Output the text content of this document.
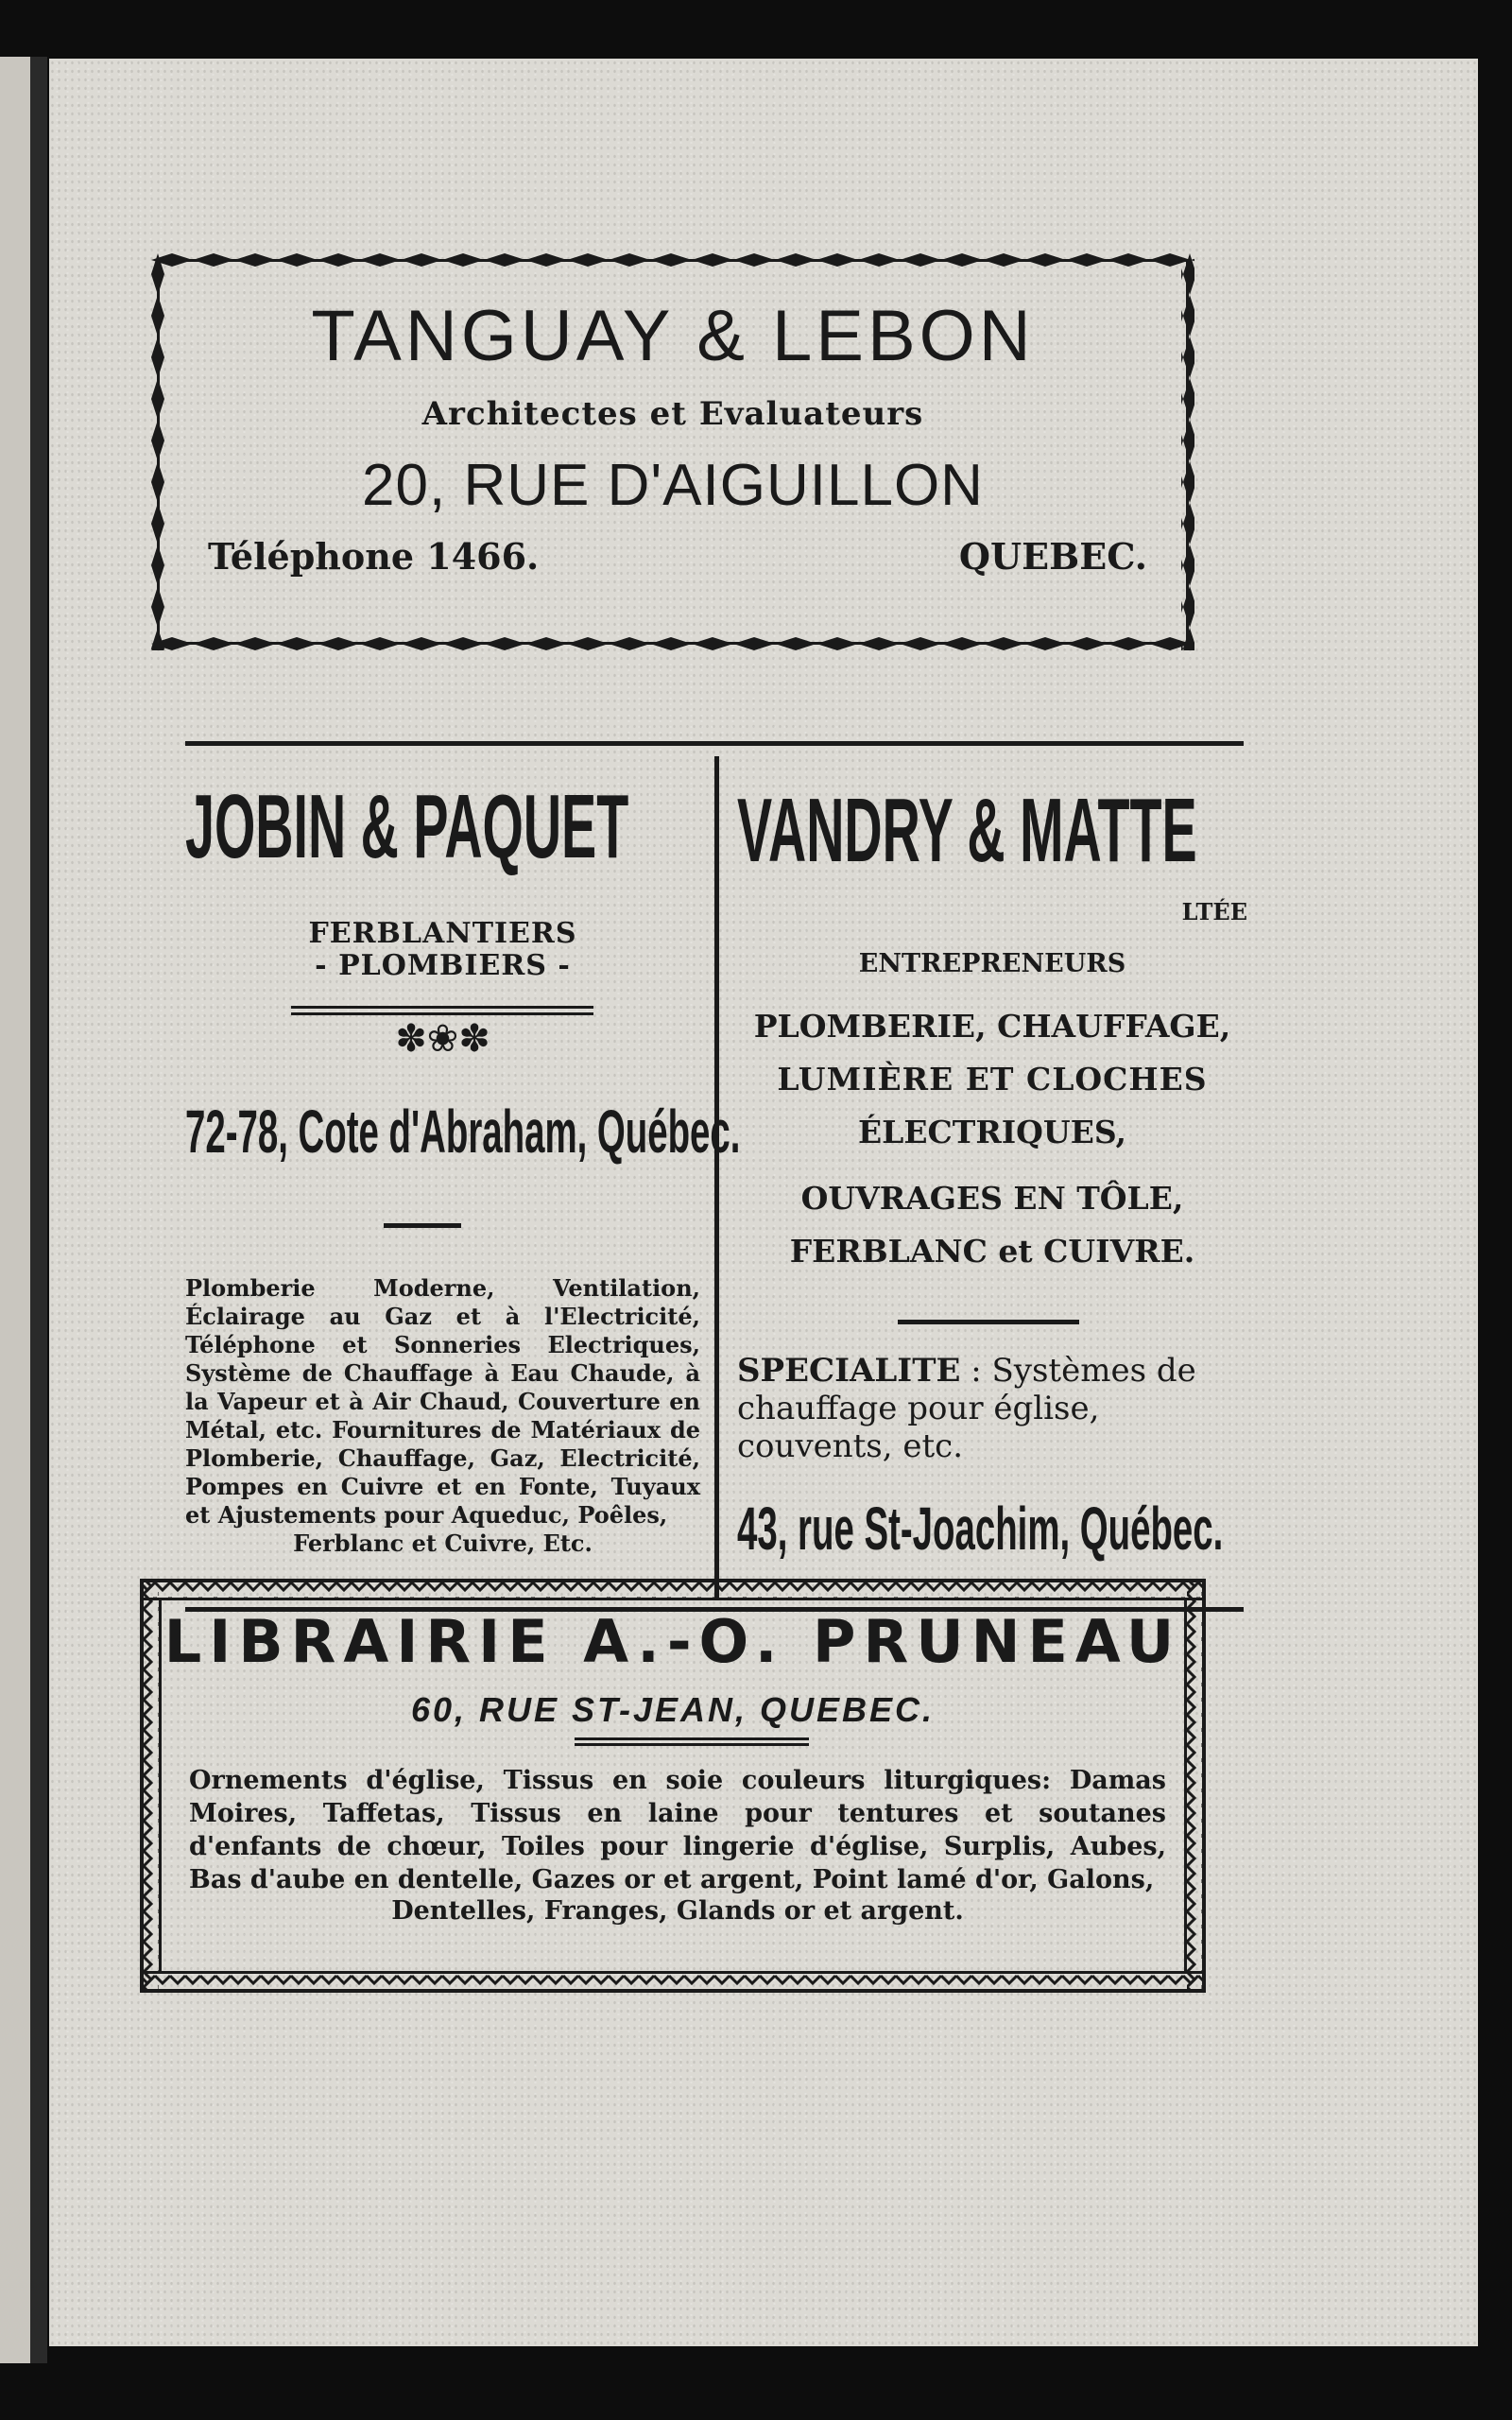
TANGUAY & LEBON
Architectes et Evaluateurs
20, RUE D'AIGUILLON
Téléphone 1466.	QUEBEC.
JOBIN & PAQUET
FERBLANTIERS
- PLOMBIERS -
✽❀✽
72-78, Cote d'Abraham, Québec.
Plomberie Moderne, Ventilation, Éclairage au Gaz et à l'Electricité, Téléphone et Sonneries Electriques, Système de Chauffage à Eau Chaude, à la Vapeur et à Air Chaud, Couverture en Métal, etc. Fournitures de Matériaux de Plomberie, Chauffage, Gaz, Electricité, Pompes en Cuivre et en Fonte, Tuyaux et Ajustements pour Aqueduc, Poêles,
Ferblanc et Cuivre, Etc.
VANDRY & MATTE
LTÉE
ENTREPRENEURS
PLOMBERIE, CHAUFFAGE,
LUMIÈRE ET CLOCHES
ÉLECTRIQUES,
OUVRAGES EN TÔLE,
FERBLANC et CUIVRE.
SPECIALITE : Systèmes de chauffage pour église, couvents, etc.
43, rue St-Joachim, Québec.
LIBRAIRIE A.-O. PRUNEAU
60, RUE ST-JEAN, QUEBEC.
Ornements d'église, Tissus en soie couleurs liturgiques: Damas Moires, Taffetas, Tissus en laine pour tentures et soutanes d'enfants de chœur, Toiles pour lingerie d'église, Surplis, Aubes, Bas d'aube en dentelle, Gazes or et argent, Point lamé d'or, Galons,
Dentelles, Franges, Glands or et argent.
